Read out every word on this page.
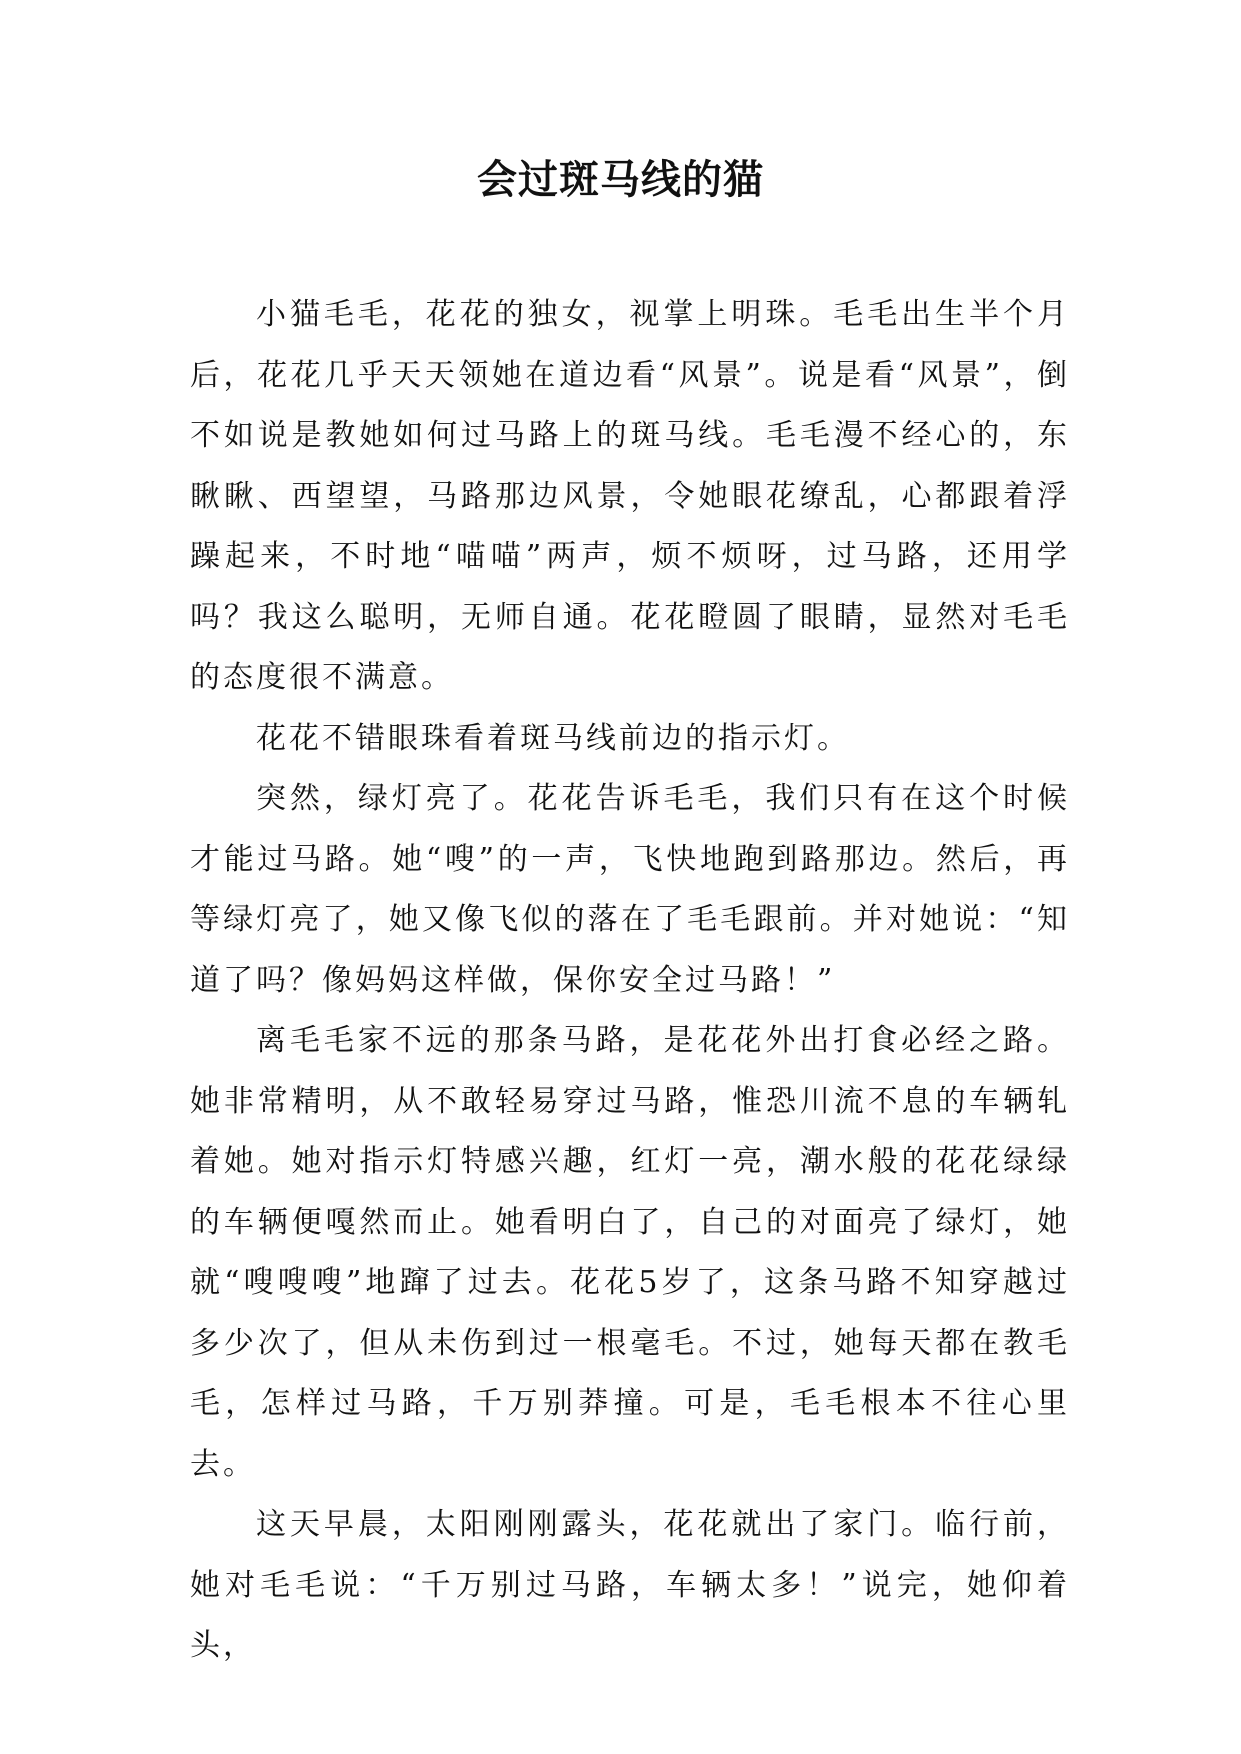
会过斑马线的猫

小猫毛毛，花花的独女，视掌上明珠。毛毛出生半个月后，花花几乎天天领她在道边看“风景”。说是看“风景”，倒不如说是教她如何过马路上的斑马线。毛毛漫不经心的，东瞅瞅、西望望，马路那边风景，令她眼花缭乱，心都跟着浮躁起来，不时地“喵喵”两声，烦不烦呀，过马路，还用学吗？我这么聪明，无师自通。花花瞪圆了眼睛，显然对毛毛的态度很不满意。

花花不错眼珠看着斑马线前边的指示灯。

突然，绿灯亮了。花花告诉毛毛，我们只有在这个时候才能过马路。她“嗖”的一声，飞快地跑到路那边。然后，再等绿灯亮了，她又像飞似的落在了毛毛跟前。并对她说：“知道了吗？像妈妈这样做，保你安全过马路！”

离毛毛家不远的那条马路，是花花外出打食必经之路。她非常精明，从不敢轻易穿过马路，惟恐川流不息的车辆轧着她。她对指示灯特感兴趣，红灯一亮，潮水般的花花绿绿的车辆便嘎然而止。她看明白了，自己的对面亮了绿灯，她就“嗖嗖嗖”地蹿了过去。花花5岁了，这条马路不知穿越过多少次了，但从未伤到过一根毫毛。不过，她每天都在教毛毛，怎样过马路，千万别莽撞。可是，毛毛根本不往心里去。

这天早晨，太阳刚刚露头，花花就出了家门。临行前，她对毛毛说：“千万别过马路，车辆太多！”说完，她仰着头，
